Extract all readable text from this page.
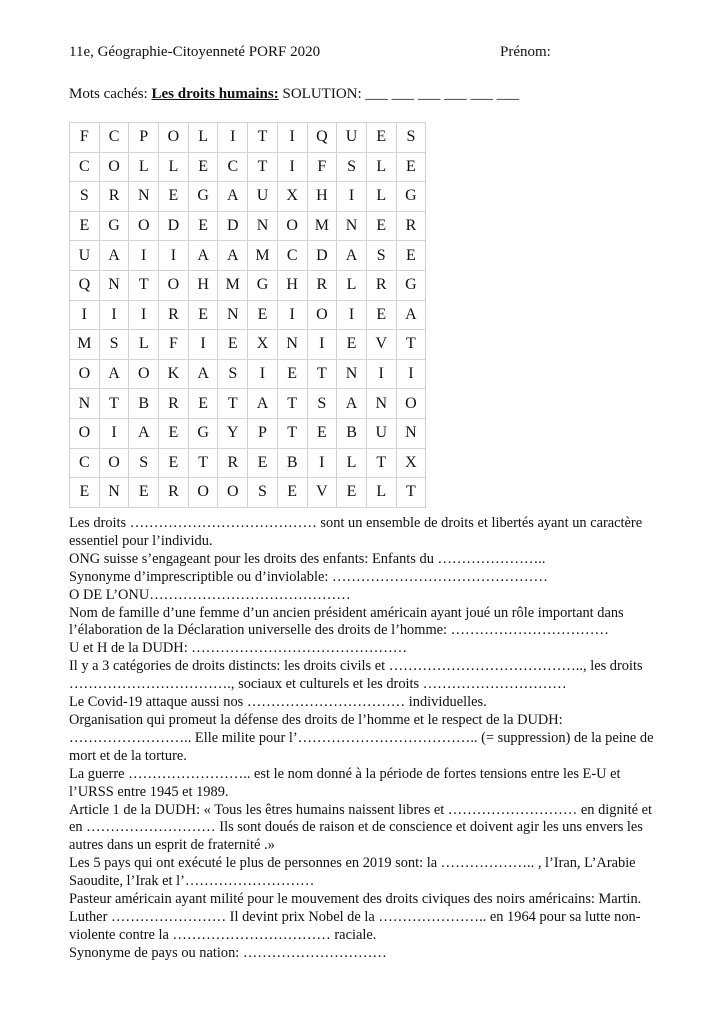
11e, Géographie-Citoyenneté PORF 2020	Prénom:
Mots cachés: Les droits humains: SOLUTION: ___ ___ ___ ___ ___ ___
F	C	P	O	L	I	T	I	Q	U	E	S
C	O	L	L	E	C	T	I	F	S	L	E
S	R	N	E	G	A	U	X	H	I	L	G
E	G	O	D	E	D	N	O	M	N	E	R
U	A	I	I	A	A	M	C	D	A	S	E
Q	N	T	O	H	M	G	H	R	L	R	G
I	I	I	R	E	N	E	I	O	I	E	A
M	S	L	F	I	E	X	N	I	E	V	T
O	A	O	K	A	S	I	E	T	N	I	I
N	T	B	R	E	T	A	T	S	A	N	O
O	I	A	E	G	Y	P	T	E	B	U	N
C	O	S	E	T	R	E	B	I	L	T	X
E	N	E	R	O	O	S	E	V	E	L	T

Les droits ………………………………… sont un ensemble de droits et libertés ayant un caractère essentiel pour l’individu.

ONG suisse s’engageant pour les droits des enfants: Enfants du …………………..

Synonyme d’imprescriptible ou d’inviolable: ………………………………………

O DE L’ONU……………………………………

Nom de famille d’une femme d’un ancien président américain ayant joué un rôle important dans l’élaboration de la Déclaration universelle des droits de l’homme: ……………………………

U et H de la DUDH: ………………………………………

Il y a 3 catégories de droits distincts: les droits civils et ………………………………….., les droits ……………………………., sociaux et culturels et les droits …………………………

Le Covid-19 attaque aussi nos …………………………… individuelles.

Organisation qui promeut la défense des droits de l’homme et le respect de la DUDH: …………………….. Elle milite pour l’……………………………….. (= suppression) de la peine de mort et de la torture.

La guerre …………………….. est le nom donné à la période de fortes tensions entre les E-U et l’URSS entre 1945 et 1989.

Article 1 de la DUDH: « Tous les êtres humains naissent libres et ……………………… en dignité et en ……………………… Ils sont doués de raison et de conscience et doivent agir les uns envers les autres dans un esprit de fraternité .»

Les 5 pays qui ont exécuté le plus de personnes en 2019 sont: la ……………….. , l’Iran, L’Arabie Saoudite, l’Irak et l’………………………

Pasteur américain ayant milité pour le mouvement des droits civiques des noirs américains: Martin. Luther …………………… Il devint prix Nobel de la ………………….. en 1964 pour sa lutte non-violente contre la …………………………… raciale.

Synonyme de pays ou nation: …………………………
